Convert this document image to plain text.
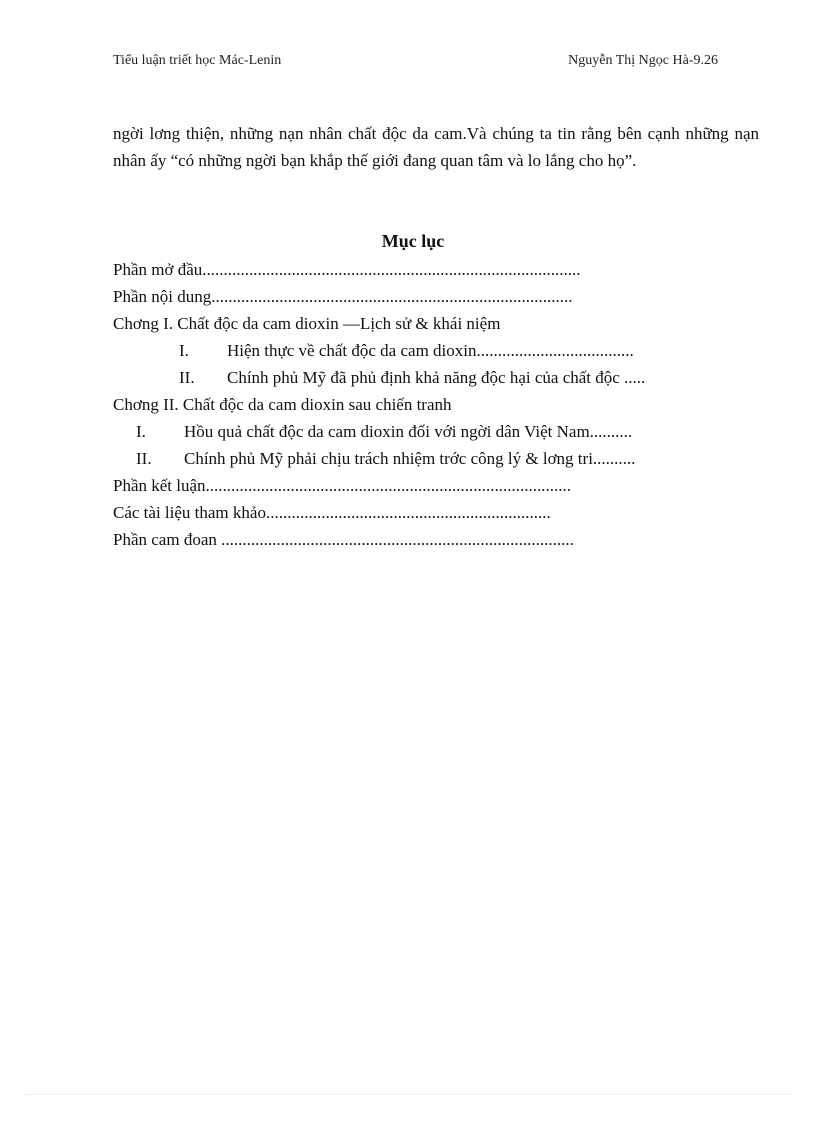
Tiểu luận triết học Mác-Lenin	Nguyễn Thị Ngọc Hà-9.26

ngời lơng thiện, những nạn nhân chất độc da cam.Và chúng ta tin rằng bên cạnh những nạn nhân ấy “có những ngời bạn khắp thế giới đang quan tâm và lo lắng cho họ”.

Mục lục
Phần mở đầu.........................................................................................
Phần nội dung.....................................................................................
Chơng I. Chất độc da cam dioxin —Lịch sử & khái niệm
I. Hiện thực về chất độc da cam dioxin.....................................
II. Chính phủ Mỹ đã phủ định khả năng độc hại của chất độc .....
Chơng II. Chất độc da cam dioxin sau chiến tranh
I. Hồu quả chất độc da cam dioxin đối với ngời dân Việt Nam..........
II. Chính phủ Mỹ phải chịu trách nhiệm trớc công lý & lơng tri..........
Phần kết luận......................................................................................
Các tài liệu tham khảo...................................................................
Phần cam đoan ...................................................................................
